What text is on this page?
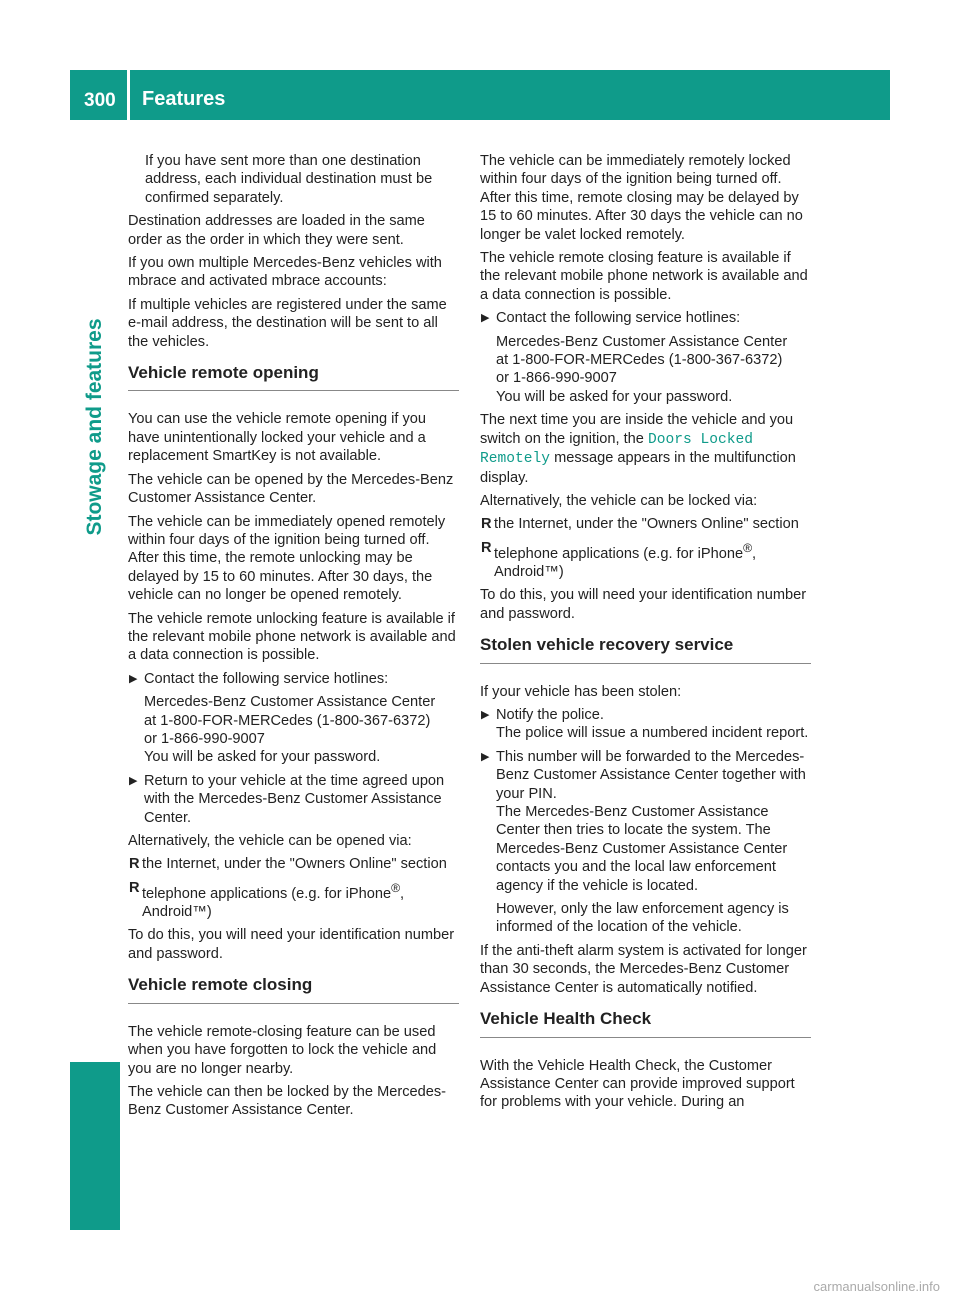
300 Features
Stowage and features

If you have sent more than one destination address, each individual destination must be confirmed separately.

Destination addresses are loaded in the same order as the order in which they were sent.

If you own multiple Mercedes-Benz vehicles with mbrace and activated mbrace accounts:

If multiple vehicles are registered under the same e-mail address, the destination will be sent to all the vehicles.

Vehicle remote opening

You can use the vehicle remote opening if you have unintentionally locked your vehicle and a replacement SmartKey is not available.

The vehicle can be opened by the Mercedes-Benz Customer Assistance Center.

The vehicle can be immediately opened remotely within four days of the ignition being turned off. After this time, the remote unlocking may be delayed by 15 to 60 minutes. After 30 days, the vehicle can no longer be opened remotely.

The vehicle remote unlocking feature is available if the relevant mobile phone network is available and a data connection is possible.

▶ Contact the following service hotlines:
Mercedes-Benz Customer Assistance Center
at 1-800-FOR-MERCedes (1-800-367-6372)
or 1-866-990-9007
You will be asked for your password.
▶ Return to your vehicle at the time agreed upon with the Mercedes-Benz Customer Assistance Center.

Alternatively, the vehicle can be opened via:

R the Internet, under the "Owners Online" section
R telephone applications (e.g. for iPhone®, Android™)

To do this, you will need your identification number and password.

Vehicle remote closing

The vehicle remote-closing feature can be used when you have forgotten to lock the vehicle and you are no longer nearby.

The vehicle can then be locked by the Mercedes-Benz Customer Assistance Center.

The vehicle can be immediately remotely locked within four days of the ignition being turned off. After this time, remote closing may be delayed by 15 to 60 minutes. After 30 days the vehicle can no longer be valet locked remotely.

The vehicle remote closing feature is available if the relevant mobile phone network is available and a data connection is possible.

▶ Contact the following service hotlines:
Mercedes-Benz Customer Assistance Center
at 1-800-FOR-MERCedes (1-800-367-6372)
or 1-866-990-9007
You will be asked for your password.

The next time you are inside the vehicle and you switch on the ignition, the Doors Locked Remotely message appears in the multifunction display.

Alternatively, the vehicle can be locked via:

R the Internet, under the "Owners Online" section
R telephone applications (e.g. for iPhone®, Android™)

To do this, you will need your identification number and password.

Stolen vehicle recovery service

If your vehicle has been stolen:

▶ Notify the police.
The police will issue a numbered incident report.
▶ This number will be forwarded to the Mercedes-Benz Customer Assistance Center together with your PIN.
The Mercedes-Benz Customer Assistance Center then tries to locate the system. The Mercedes-Benz Customer Assistance Center contacts you and the local law enforcement agency if the vehicle is located.
However, only the law enforcement agency is informed of the location of the vehicle.

If the anti-theft alarm system is activated for longer than 30 seconds, the Mercedes-Benz Customer Assistance Center is automatically notified.

Vehicle Health Check

With the Vehicle Health Check, the Customer Assistance Center can provide improved support for problems with your vehicle. During an

carmanualsonline.info
